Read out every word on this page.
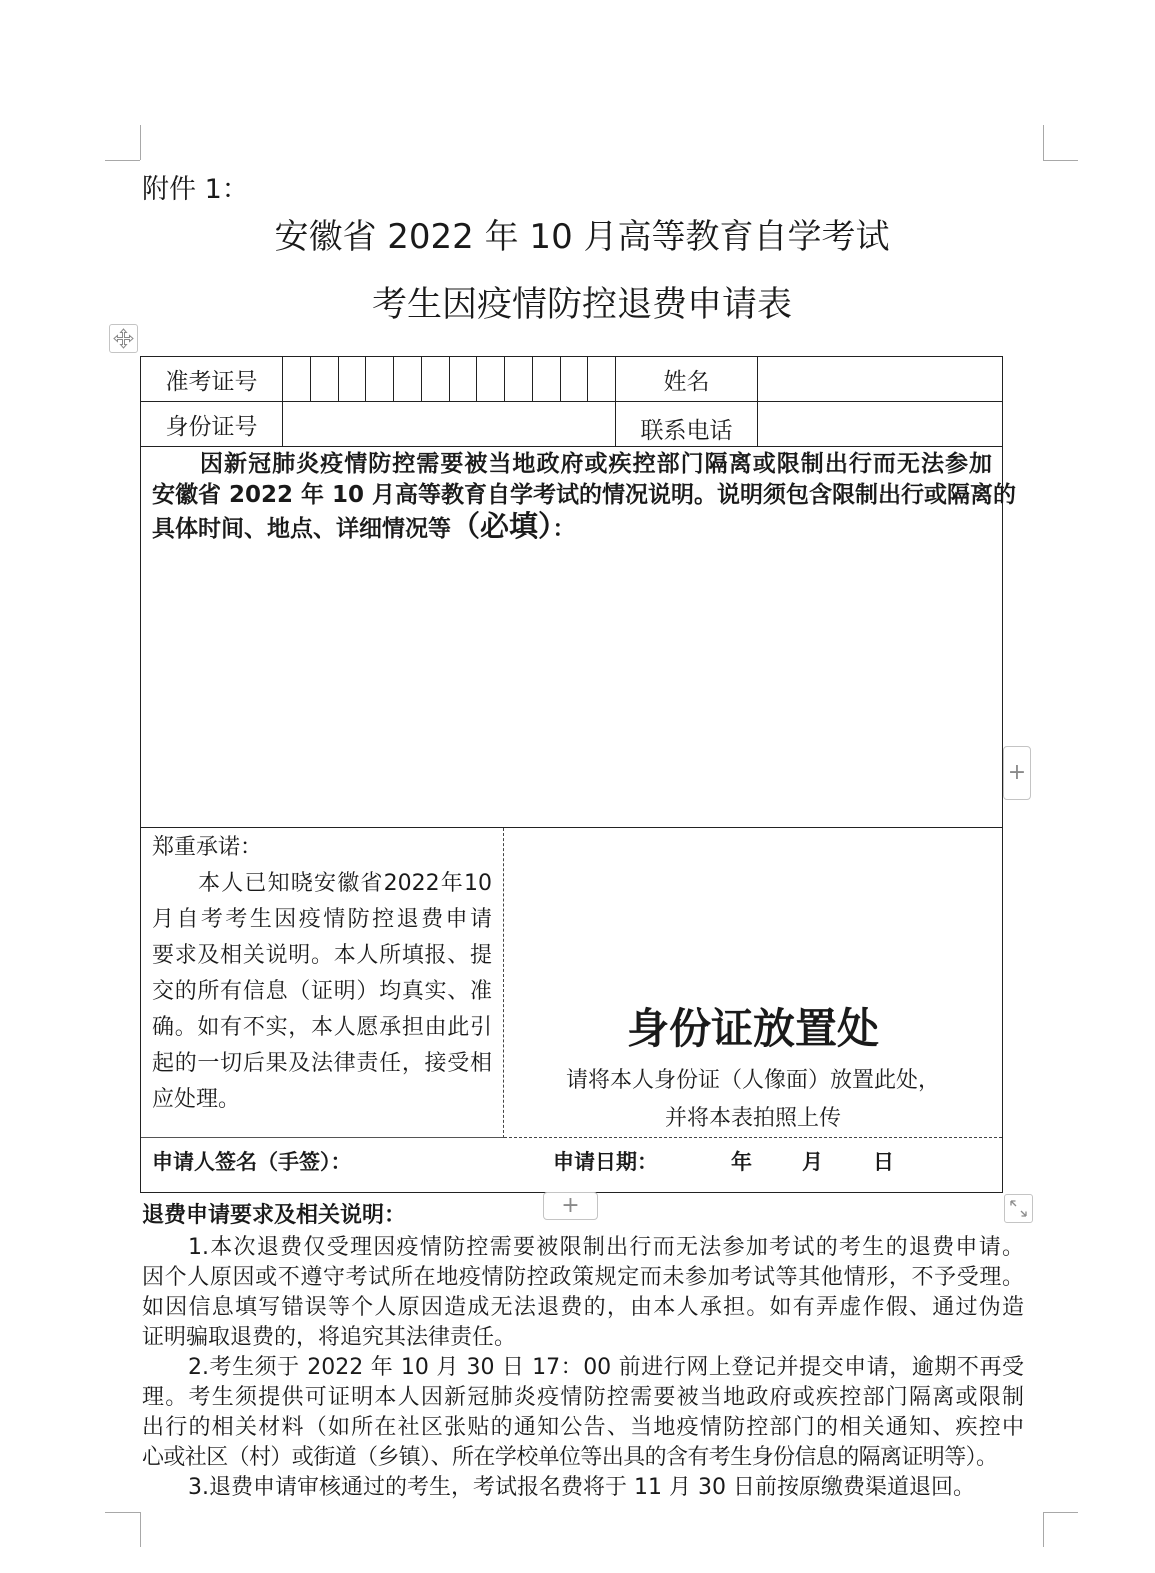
附件 1：
安徽省 2022 年 10 月高等教育自学考试
考生因疫情防控退费申请表
准考证号	姓名
身份证号	联系电话
因新冠肺炎疫情防控需要被当地政府或疾控部门隔离或限制出行而无法参加
安徽省 2022 年 10 月高等教育自学考试的情况说明。说明须包含限制出行或隔离的
具体时间、地点、详细情况等（必填）：
郑重承诺：
本人已知晓安徽省2022年10
月自考考生因疫情防控退费申请
要求及相关说明。本人所填报、提
交的所有信息（证明）均真实、准
确。如有不实，本人愿承担由此引
起的一切后果及法律责任，接受相
应处理。
身份证放置处
请将本人身份证（人像面）放置此处，
并将本表拍照上传
申请人签名（手签）：	申请日期：	年 月 日
+
+
退费申请要求及相关说明：
1.本次退费仅受理因疫情防控需要被限制出行而无法参加考试的考生的退费申请。
因个人原因或不遵守考试所在地疫情防控政策规定而未参加考试等其他情形，不予受理。
如因信息填写错误等个人原因造成无法退费的，由本人承担。如有弄虚作假、通过伪造
证明骗取退费的，将追究其法律责任。
2.考生须于 2022 年 10 月 30 日 17：00 前进行网上登记并提交申请，逾期不再受
理。考生须提供可证明本人因新冠肺炎疫情防控需要被当地政府或疾控部门隔离或限制
出行的相关材料（如所在社区张贴的通知公告、当地疫情防控部门的相关通知、疾控中
心或社区（村）或街道（乡镇）、所在学校单位等出具的含有考生身份信息的隔离证明等）。
3.退费申请审核通过的考生，考试报名费将于 11 月 30 日前按原缴费渠道退回。
